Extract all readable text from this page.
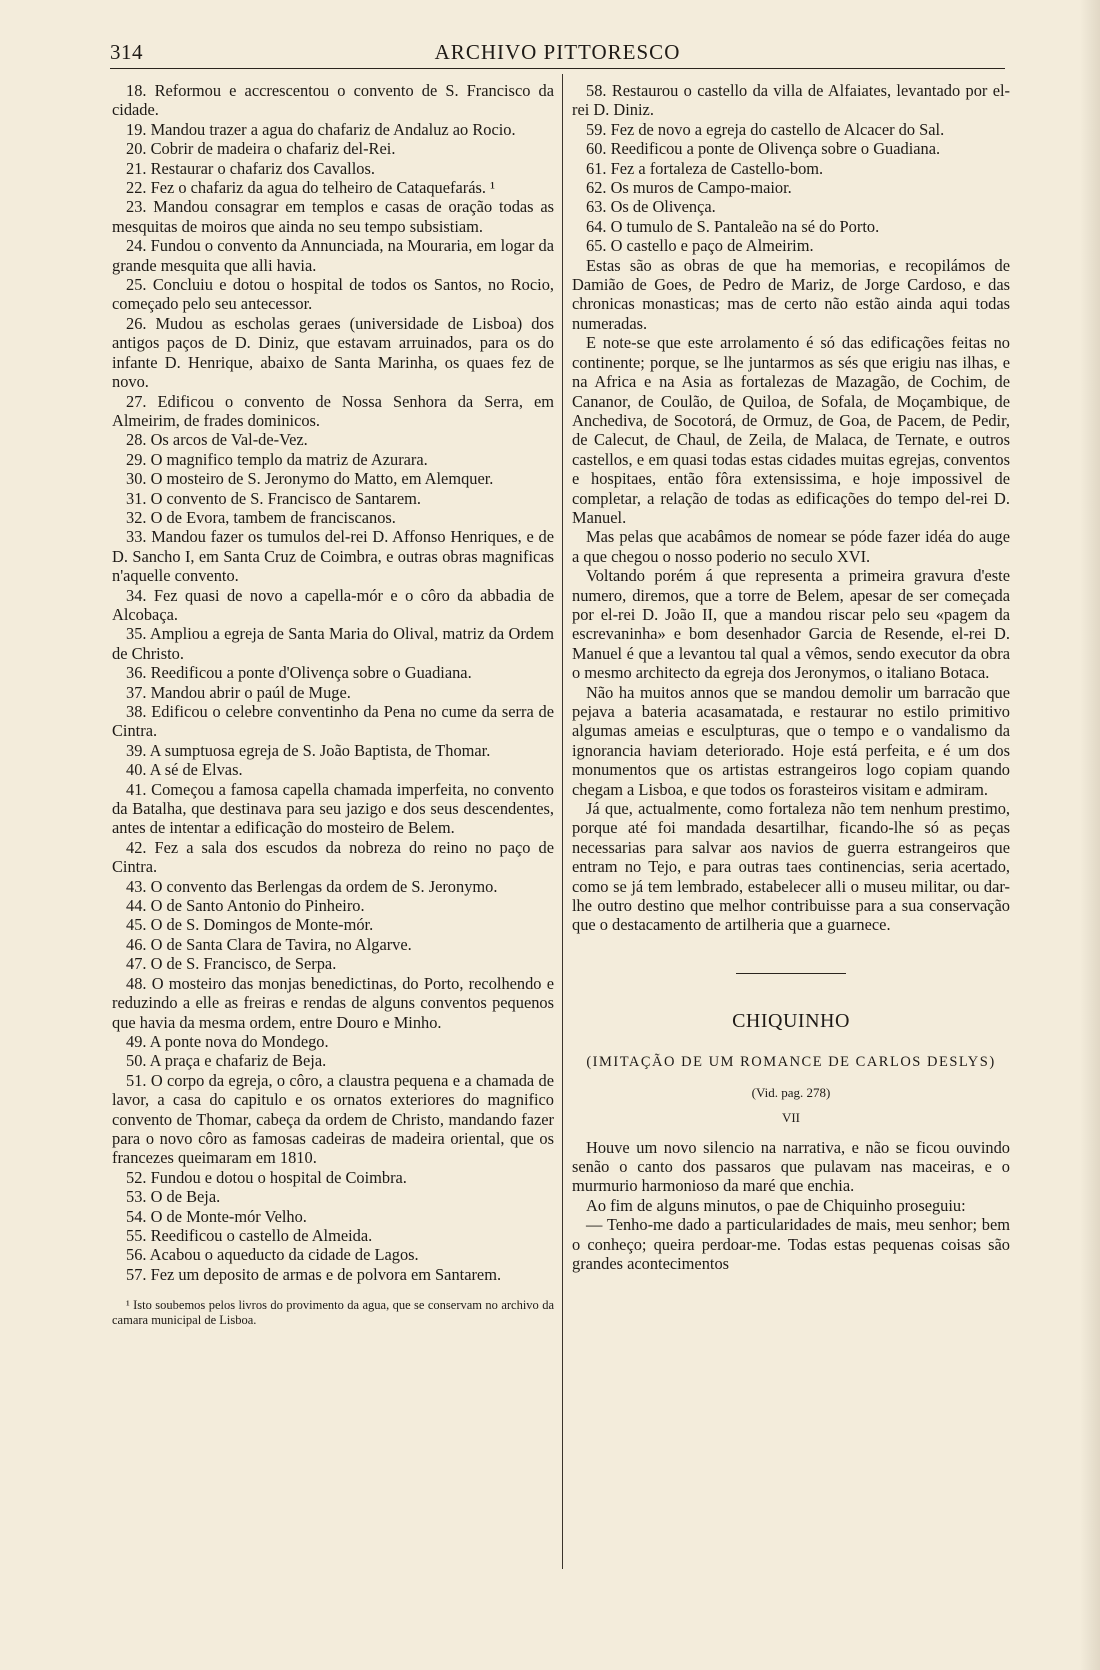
314	ARCHIVO PITTORESCO

18. Reformou e accrescentou o convento de S. Francisco da cidade.

19. Mandou trazer a agua do chafariz de Andaluz ao Rocio.

20. Cobrir de madeira o chafariz del-Rei.

21. Restaurar o chafariz dos Cavallos.

22. Fez o chafariz da agua do telheiro de Cataquefarás. ¹

23. Mandou consagrar em templos e casas de oração todas as mesquitas de moiros que ainda no seu tempo subsistiam.

24. Fundou o convento da Annunciada, na Mouraria, em logar da grande mesquita que alli havia.

25. Concluiu e dotou o hospital de todos os Santos, no Rocio, começado pelo seu antecessor.

26. Mudou as escholas geraes (universidade de Lisboa) dos antigos paços de D. Diniz, que estavam arruinados, para os do infante D. Henrique, abaixo de Santa Marinha, os quaes fez de novo.

27. Edificou o convento de Nossa Senhora da Serra, em Almeirim, de frades dominicos.

28. Os arcos de Val-de-Vez.

29. O magnifico templo da matriz de Azurara.

30. O mosteiro de S. Jeronymo do Matto, em Alemquer.

31. O convento de S. Francisco de Santarem.

32. O de Evora, tambem de franciscanos.

33. Mandou fazer os tumulos del-rei D. Affonso Henriques, e de D. Sancho I, em Santa Cruz de Coimbra, e outras obras magnificas n'aquelle convento.

34. Fez quasi de novo a capella-mór e o côro da abbadia de Alcobaça.

35. Ampliou a egreja de Santa Maria do Olival, matriz da Ordem de Christo.

36. Reedificou a ponte d'Olivença sobre o Guadiana.

37. Mandou abrir o paúl de Muge.

38. Edificou o celebre conventinho da Pena no cume da serra de Cintra.

39. A sumptuosa egreja de S. João Baptista, de Thomar.

40. A sé de Elvas.

41. Começou a famosa capella chamada imperfeita, no convento da Batalha, que destinava para seu jazigo e dos seus descendentes, antes de intentar a edificação do mosteiro de Belem.

42. Fez a sala dos escudos da nobreza do reino no paço de Cintra.

43. O convento das Berlengas da ordem de S. Jeronymo.

44. O de Santo Antonio do Pinheiro.

45. O de S. Domingos de Monte-mór.

46. O de Santa Clara de Tavira, no Algarve.

47. O de S. Francisco, de Serpa.

48. O mosteiro das monjas benedictinas, do Porto, recolhendo e reduzindo a elle as freiras e rendas de alguns conventos pequenos que havia da mesma ordem, entre Douro e Minho.

49. A ponte nova do Mondego.

50. A praça e chafariz de Beja.

51. O corpo da egreja, o côro, a claustra pequena e a chamada de lavor, a casa do capitulo e os ornatos exteriores do magnifico convento de Thomar, cabeça da ordem de Christo, mandando fazer para o novo côro as famosas cadeiras de madeira oriental, que os francezes queimaram em 1810.

52. Fundou e dotou o hospital de Coimbra.

53. O de Beja.

54. O de Monte-mór Velho.

55. Reedificou o castello de Almeida.

56. Acabou o aqueducto da cidade de Lagos.

57. Fez um deposito de armas e de polvora em Santarem.

¹ Isto soubemos pelos livros do provimento da agua, que se conservam no archivo da camara municipal de Lisboa.

58. Restaurou o castello da villa de Alfaiates, levantado por el-rei D. Diniz.

59. Fez de novo a egreja do castello de Alcacer do Sal.

60. Reedificou a ponte de Olivença sobre o Guadiana.

61. Fez a fortaleza de Castello-bom.

62. Os muros de Campo-maior.

63. Os de Olivença.

64. O tumulo de S. Pantaleão na sé do Porto.

65. O castello e paço de Almeirim.

Estas são as obras de que ha memorias, e recopilámos de Damião de Goes, de Pedro de Mariz, de Jorge Cardoso, e das chronicas monasticas; mas de certo não estão ainda aqui todas numeradas.

E note-se que este arrolamento é só das edificações feitas no continente; porque, se lhe juntarmos as sés que erigiu nas ilhas, e na Africa e na Asia as fortalezas de Mazagão, de Cochim, de Cananor, de Coulão, de Quiloa, de Sofala, de Moçambique, de Anchediva, de Socotorá, de Ormuz, de Goa, de Pacem, de Pedir, de Calecut, de Chaul, de Zeila, de Malaca, de Ternate, e outros castellos, e em quasi todas estas cidades muitas egrejas, conventos e hospitaes, então fôra extensissima, e hoje impossivel de completar, a relação de todas as edificações do tempo del-rei D. Manuel.

Mas pelas que acabâmos de nomear se póde fazer idéa do auge a que chegou o nosso poderio no seculo XVI.

Voltando porém á que representa a primeira gravura d'este numero, diremos, que a torre de Belem, apesar de ser começada por el-rei D. João II, que a mandou riscar pelo seu «pagem da escrevaninha» e bom desenhador Garcia de Resende, el-rei D. Manuel é que a levantou tal qual a vêmos, sendo executor da obra o mesmo architecto da egreja dos Jeronymos, o italiano Botaca.

Não ha muitos annos que se mandou demolir um barracão que pejava a bateria acasamatada, e restaurar no estilo primitivo algumas ameias e esculpturas, que o tempo e o vandalismo da ignorancia haviam deteriorado. Hoje está perfeita, e é um dos monumentos que os artistas estrangeiros logo copiam quando chegam a Lisboa, e que todos os forasteiros visitam e admiram.

Já que, actualmente, como fortaleza não tem nenhum prestimo, porque até foi mandada desartilhar, ficando-lhe só as peças necessarias para salvar aos navios de guerra estrangeiros que entram no Tejo, e para outras taes continencias, seria acertado, como se já tem lembrado, estabelecer alli o museu militar, ou dar-lhe outro destino que melhor contribuisse para a sua conservação que o destacamento de artilheria que a guarnece.

CHIQUINHO

(IMITAÇÃO DE UM ROMANCE DE CARLOS DESLYS)

(Vid. pag. 278)

VII

Houve um novo silencio na narrativa, e não se ficou ouvindo senão o canto dos passaros que pulavam nas maceiras, e o murmurio harmonioso da maré que enchia.

Ao fim de alguns minutos, o pae de Chiquinho proseguiu:

— Tenho-me dado a particularidades de mais, meu senhor; bem o conheço; queira perdoar-me. Todas estas pequenas coisas são grandes acontecimentos
